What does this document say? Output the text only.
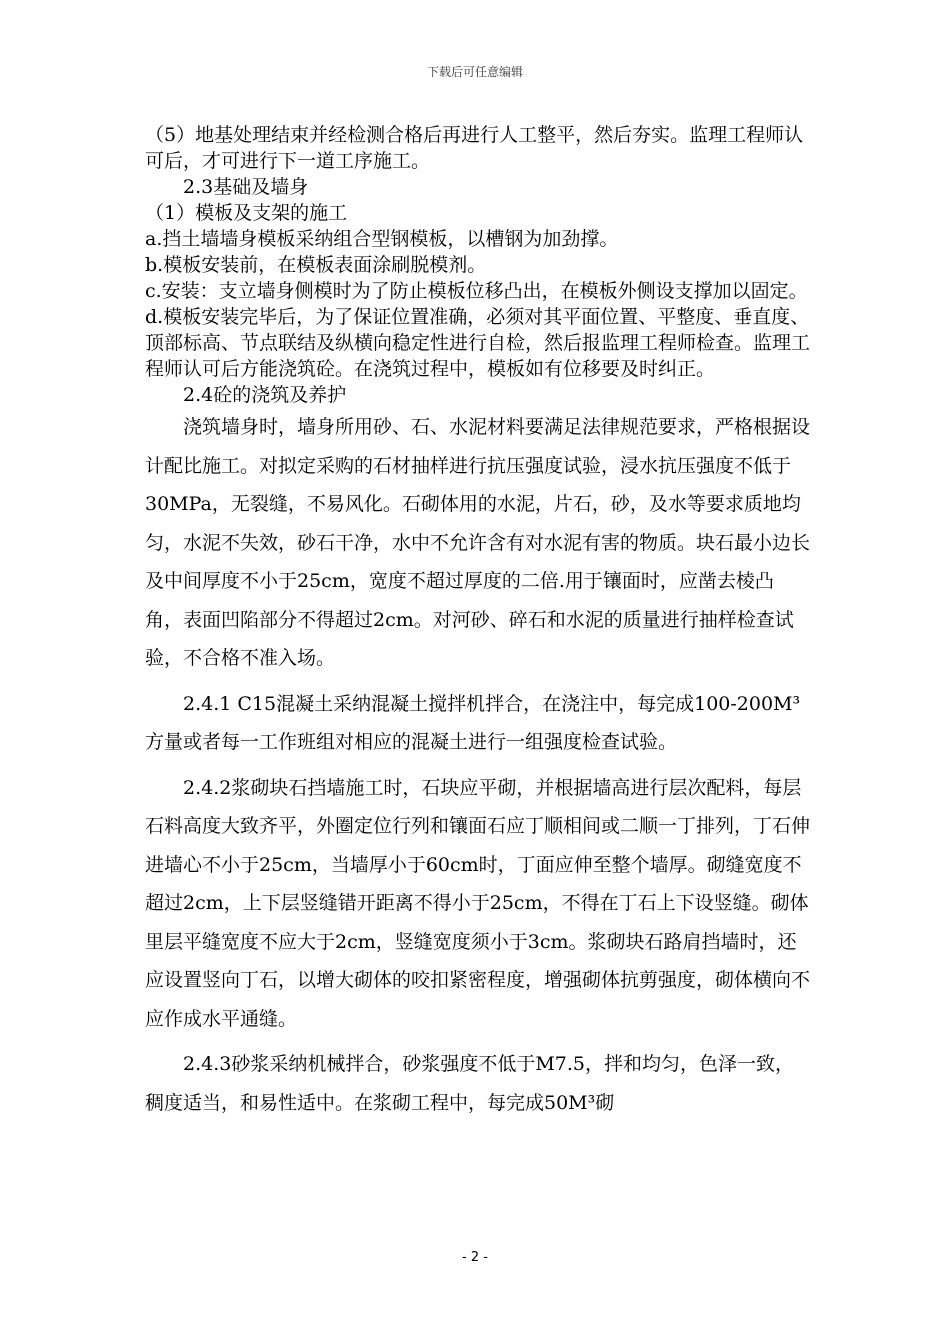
下载后可任意编辑

（5）地基处理结束并经检测合格后再进行人工整平，然后夯实。监理工程师认可后，才可进行下一道工序施工。

2.3基础及墙身

（1）模板及支架的施工

a.挡土墙墙身模板采纳组合型钢模板，以槽钢为加劲撑。

b.模板安装前，在模板表面涂刷脱模剂。

c.安装：支立墙身侧模时为了防止模板位移凸出，在模板外侧设支撑加以固定。

d.模板安装完毕后，为了保证位置准确，必须对其平面位置、平整度、垂直度、顶部标高、节点联结及纵横向稳定性进行自检，然后报监理工程师检查。监理工程师认可后方能浇筑砼。在浇筑过程中，模板如有位移要及时纠正。

2.4砼的浇筑及养护

浇筑墙身时，墙身所用砂、石、水泥材料要满足法律规范要求，严格根据设计配比施工。对拟定采购的石材抽样进行抗压强度试验，浸水抗压强度不低于30MPa，无裂缝，不易风化。石砌体用的水泥，片石，砂，及水等要求质地均匀，水泥不失效，砂石干净，水中不允许含有对水泥有害的物质。块石最小边长及中间厚度不小于25cm，宽度不超过厚度的二倍.用于镶面时，应凿去棱凸角，表面凹陷部分不得超过2cm。对河砂、碎石和水泥的质量进行抽样检查试验，不合格不准入场。

2.4.1 C15混凝土采纳混凝土搅拌机拌合，在浇注中，每完成100-200M³方量或者每一工作班组对相应的混凝土进行一组强度检查试验。

2.4.2浆砌块石挡墙施工时，石块应平砌，并根据墙高进行层次配料，每层石料高度大致齐平，外圈定位行列和镶面石应丁顺相间或二顺一丁排列，丁石伸进墙心不小于25cm，当墙厚小于60cm时，丁面应伸至整个墙厚。砌缝宽度不超过2cm，上下层竖缝错开距离不得小于25cm，不得在丁石上下设竖缝。砌体里层平缝宽度不应大于2cm，竖缝宽度须小于3cm。浆砌块石路肩挡墙时，还应设置竖向丁石，以增大砌体的咬扣紧密程度，增强砌体抗剪强度，砌体横向不应作成水平通缝。

2.4.3砂浆采纳机械拌合，砂浆强度不低于M7.5，拌和均匀，色泽一致，稠度适当，和易性适中。在浆砌工程中，每完成50M³砌

- 2 -
